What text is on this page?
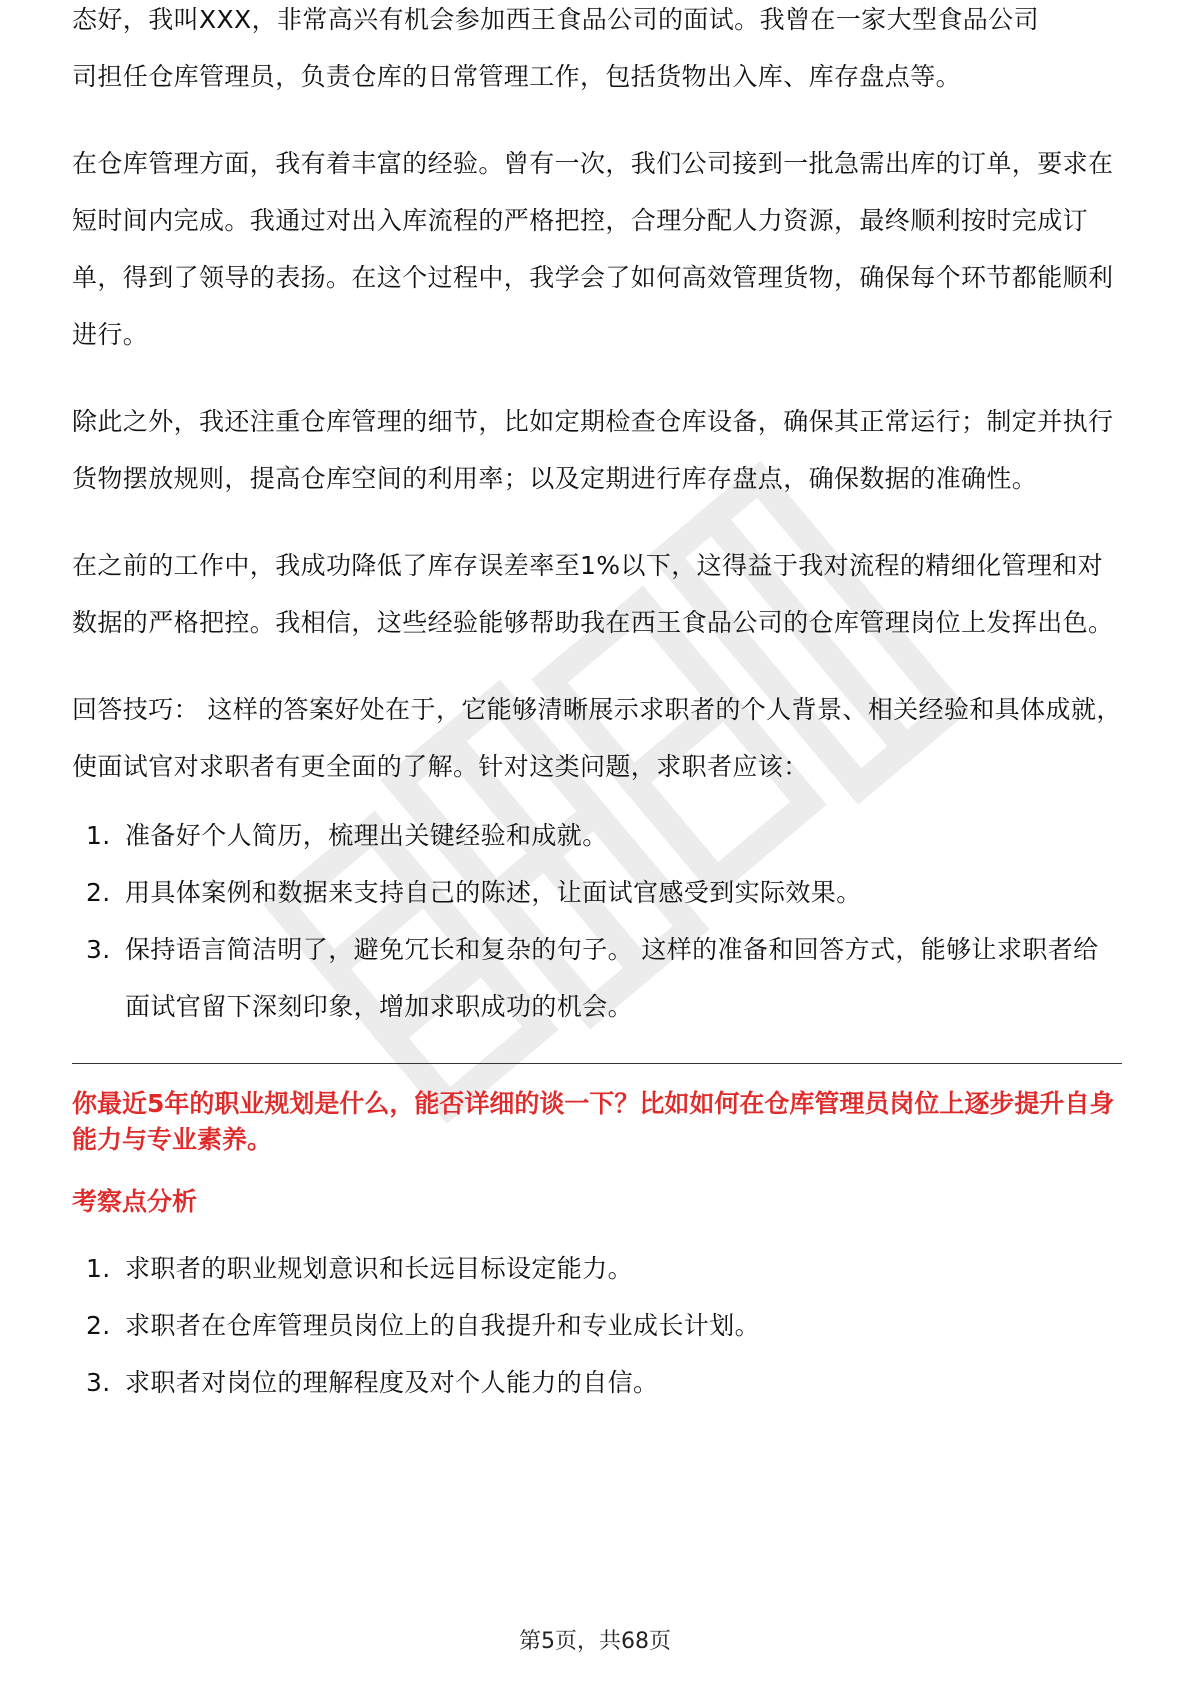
态好，我叫XXX，非常高兴有机会参加西王食品公司的面试。我曾在一家大型食品公司
司担任仓库管理员，负责仓库的日常管理工作，包括货物出入库、库存盘点等。

在仓库管理方面，我有着丰富的经验。曾有一次，我们公司接到一批急需出库的订单，要求在短时间内完成。我通过对出入库流程的严格把控，合理分配人力资源，最终顺利按时完成订单，得到了领导的表扬。在这个过程中，我学会了如何高效管理货物，确保每个环节都能顺利进行。

除此之外，我还注重仓库管理的细节，比如定期检查仓库设备，确保其正常运行；制定并执行货物摆放规则，提高仓库空间的利用率；以及定期进行库存盘点，确保数据的准确性。

在之前的工作中，我成功降低了库存误差率至1%以下，这得益于我对流程的精细化管理和对数据的严格把控。我相信，这些经验能够帮助我在西王食品公司的仓库管理岗位上发挥出色。

回答技巧： 这样的答案好处在于，它能够清晰展示求职者的个人背景、相关经验和具体成就，使面试官对求职者有更全面的了解。针对这类问题，求职者应该：

1. 准备好个人简历，梳理出关键经验和成就。
2. 用具体案例和数据来支持自己的陈述，让面试官感受到实际效果。
3. 保持语言简洁明了，避免冗长和复杂的句子。 这样的准备和回答方式，能够让求职者给面试官留下深刻印象，增加求职成功的机会。
你最近5年的职业规划是什么，能否详细的谈一下？比如如何在仓库管理员岗位上逐步提升自身能力与专业素养。
考察点分析
1. 求职者的职业规划意识和长远目标设定能力。
2. 求职者在仓库管理员岗位上的自我提升和专业成长计划。
3. 求职者对岗位的理解程度及对个人能力的自信。
第5页，共68页
